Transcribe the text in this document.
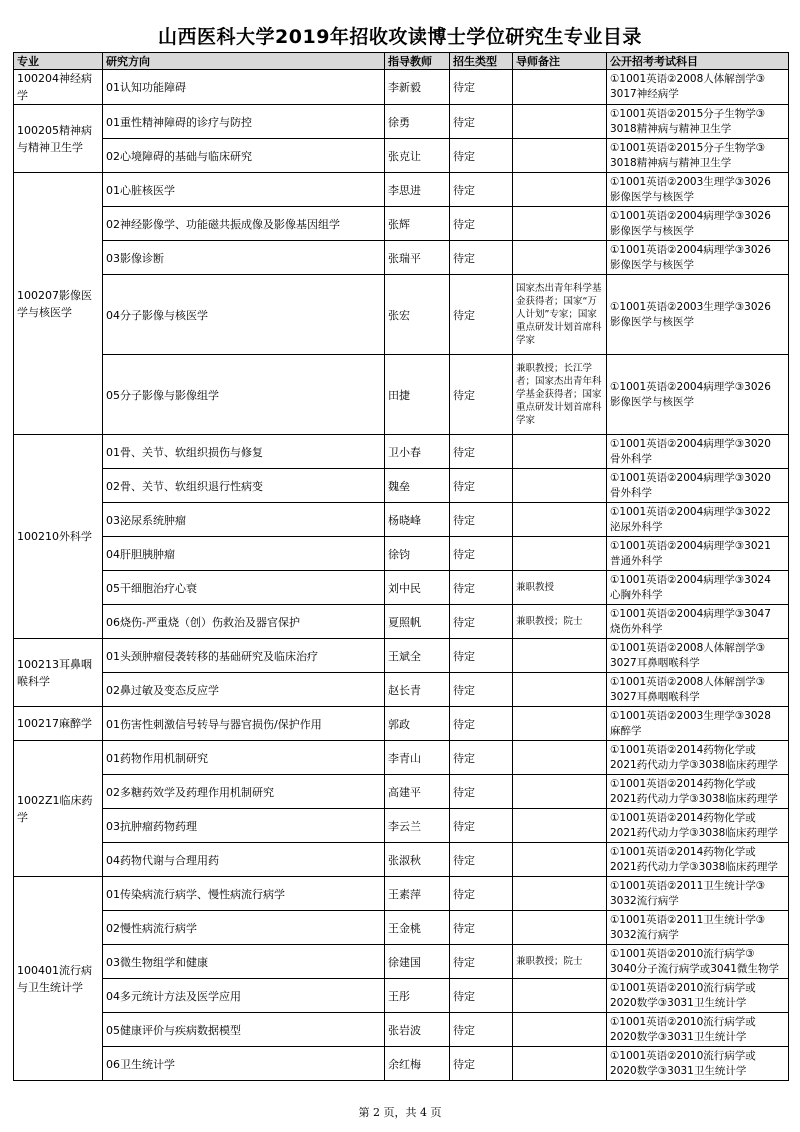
山西医科大学2019年招收攻读博士学位研究生专业目录
专业	研究方向	指导教师	招生类型	导师备注	公开招考考试科目
100204神经病学	01认知功能障碍	李新毅	待定		①1001英语②2008人体解剖学③
3017神经病学

100205精神病与精神卫生学	01重性精神障碍的诊疗与防控	徐勇	待定		①1001英语②2015分子生物学③
3018精神病与精神卫生学

	02心境障碍的基础与临床研究	张克让	待定		①1001英语②2015分子生物学③
3018精神病与精神卫生学

100207影像医学与核医学	01心脏核医学	李思进	待定		①1001英语②2003生理学③3026
影像医学与核医学

	02神经影像学、功能磁共振成像及影像基因组学	张辉	待定		①1001英语②2004病理学③3026
影像医学与核医学

	03影像诊断	张瑞平	待定		①1001英语②2004病理学③3026
影像医学与核医学

	04分子影像与核医学	张宏	待定	国家杰出青年科学基金获得者；国家“万人计划”专家；国家重点研发计划首席科学家	①1001英语②2003生理学③3026
影像医学与核医学

	05分子影像与影像组学	田捷	待定	兼职教授；长江学者；国家杰出青年科学基金获得者；国家重点研发计划首席科学家	①1001英语②2004病理学③3026
影像医学与核医学

100210外科学	01骨、关节、软组织损伤与修复	卫小春	待定		①1001英语②2004病理学③3020
骨外科学

	02骨、关节、软组织退行性病变	魏垒	待定		①1001英语②2004病理学③3020
骨外科学

	03泌尿系统肿瘤	杨晓峰	待定		①1001英语②2004病理学③3022
泌尿外科学

	04肝胆胰肿瘤	徐钧	待定		①1001英语②2004病理学③3021
普通外科学

	05干细胞治疗心衰	刘中民	待定	兼职教授	①1001英语②2004病理学③3024
心胸外科学

	06烧伤-严重烧（创）伤救治及器官保护	夏照帆	待定	兼职教授；院士	①1001英语②2004病理学③3047
烧伤外科学

100213耳鼻咽喉科学	01头颈肿瘤侵袭转移的基础研究及临床治疗	王斌全	待定		①1001英语②2008人体解剖学③
3027耳鼻咽喉科学

	02鼻过敏及变态反应学	赵长青	待定		①1001英语②2008人体解剖学③
3027耳鼻咽喉科学

100217麻醉学	01伤害性刺激信号转导与器官损伤/保护作用	郭政	待定		①1001英语②2003生理学③3028
麻醉学

1002Z1临床药学	01药物作用机制研究	李青山	待定		①1001英语②2014药物化学或
2021药代动力学③3038临床药理学

	02多糖药效学及药理作用机制研究	高建平	待定		①1001英语②2014药物化学或
2021药代动力学③3038临床药理学

	03抗肿瘤药物药理	李云兰	待定		①1001英语②2014药物化学或
2021药代动力学③3038临床药理学

	04药物代谢与合理用药	张淑秋	待定		①1001英语②2014药物化学或
2021药代动力学③3038临床药理学

100401流行病与卫生统计学	01传染病流行病学、慢性病流行病学	王素萍	待定		①1001英语②2011卫生统计学③
3032流行病学

	02慢性病流行病学	王金桃	待定		①1001英语②2011卫生统计学③
3032流行病学

	03微生物组学和健康	徐建国	待定	兼职教授；院士	①1001英语②2010流行病学③
3040分子流行病学或3041微生物学

	04多元统计方法及医学应用	王彤	待定		①1001英语②2010流行病学或
2020数学③3031卫生统计学

	05健康评价与疾病数据模型	张岩波	待定		①1001英语②2010流行病学或
2020数学③3031卫生统计学

	06卫生统计学	余红梅	待定		①1001英语②2010流行病学或
2020数学③3031卫生统计学
第 2 页，共 4 页
